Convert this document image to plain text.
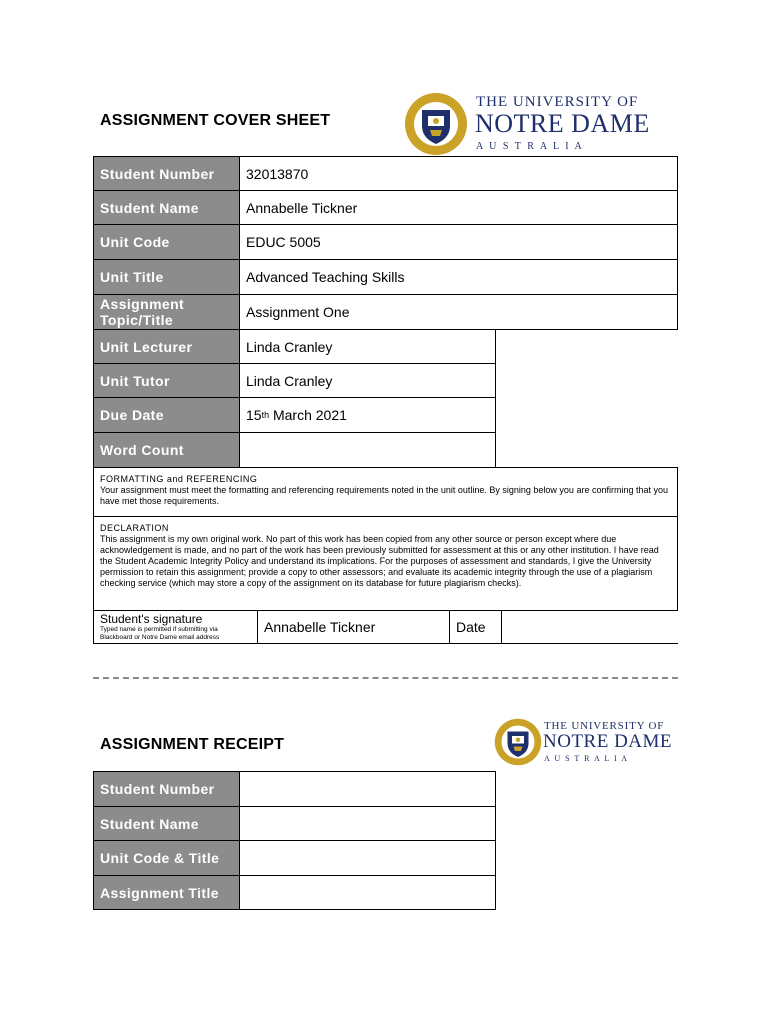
ASSIGNMENT COVER SHEET
THE UNIVERSITY OF
NOTRE DAME
A U S T R A L I A
Student Number	32013870
Student Name	Annabelle Tickner
Unit Code	EDUC 5005
Unit Title	Advanced Teaching Skills
Assignment Topic/Title	Assignment One
Unit Lecturer	Linda Cranley
Unit Tutor	Linda Cranley
Due Date	15 th March 2021
Word Count
FORMATTING and REFERENCING
Your assignment must meet the formatting and referencing requirements noted in the unit outline. By signing below you are confirming that you have met those requirements.
DECLARATION
This assignment is my own original work. No part of this work has been copied from any other source or person except where due acknowledgement is made, and no part of the work has been previously submitted for assessment at this or any other institution. I have read the Student Academic Integrity Policy and understand its implications. For the purposes of assessment and standards, I give the University permission to retain this assignment; provide a copy to other assessors; and evaluate its academic integrity through the use of a plagiarism checking service (which may store a copy of the assignment on its database for future plagiarism checks).
Student's signature
Typed name is permitted if submitting via Blackboard or Notre Dame email address
Annabelle Tickner	Date
ASSIGNMENT RECEIPT
THE UNIVERSITY OF
NOTRE DAME
A U S T R A L I A
Student Number
Student Name
Unit Code & Title
Assignment Title
